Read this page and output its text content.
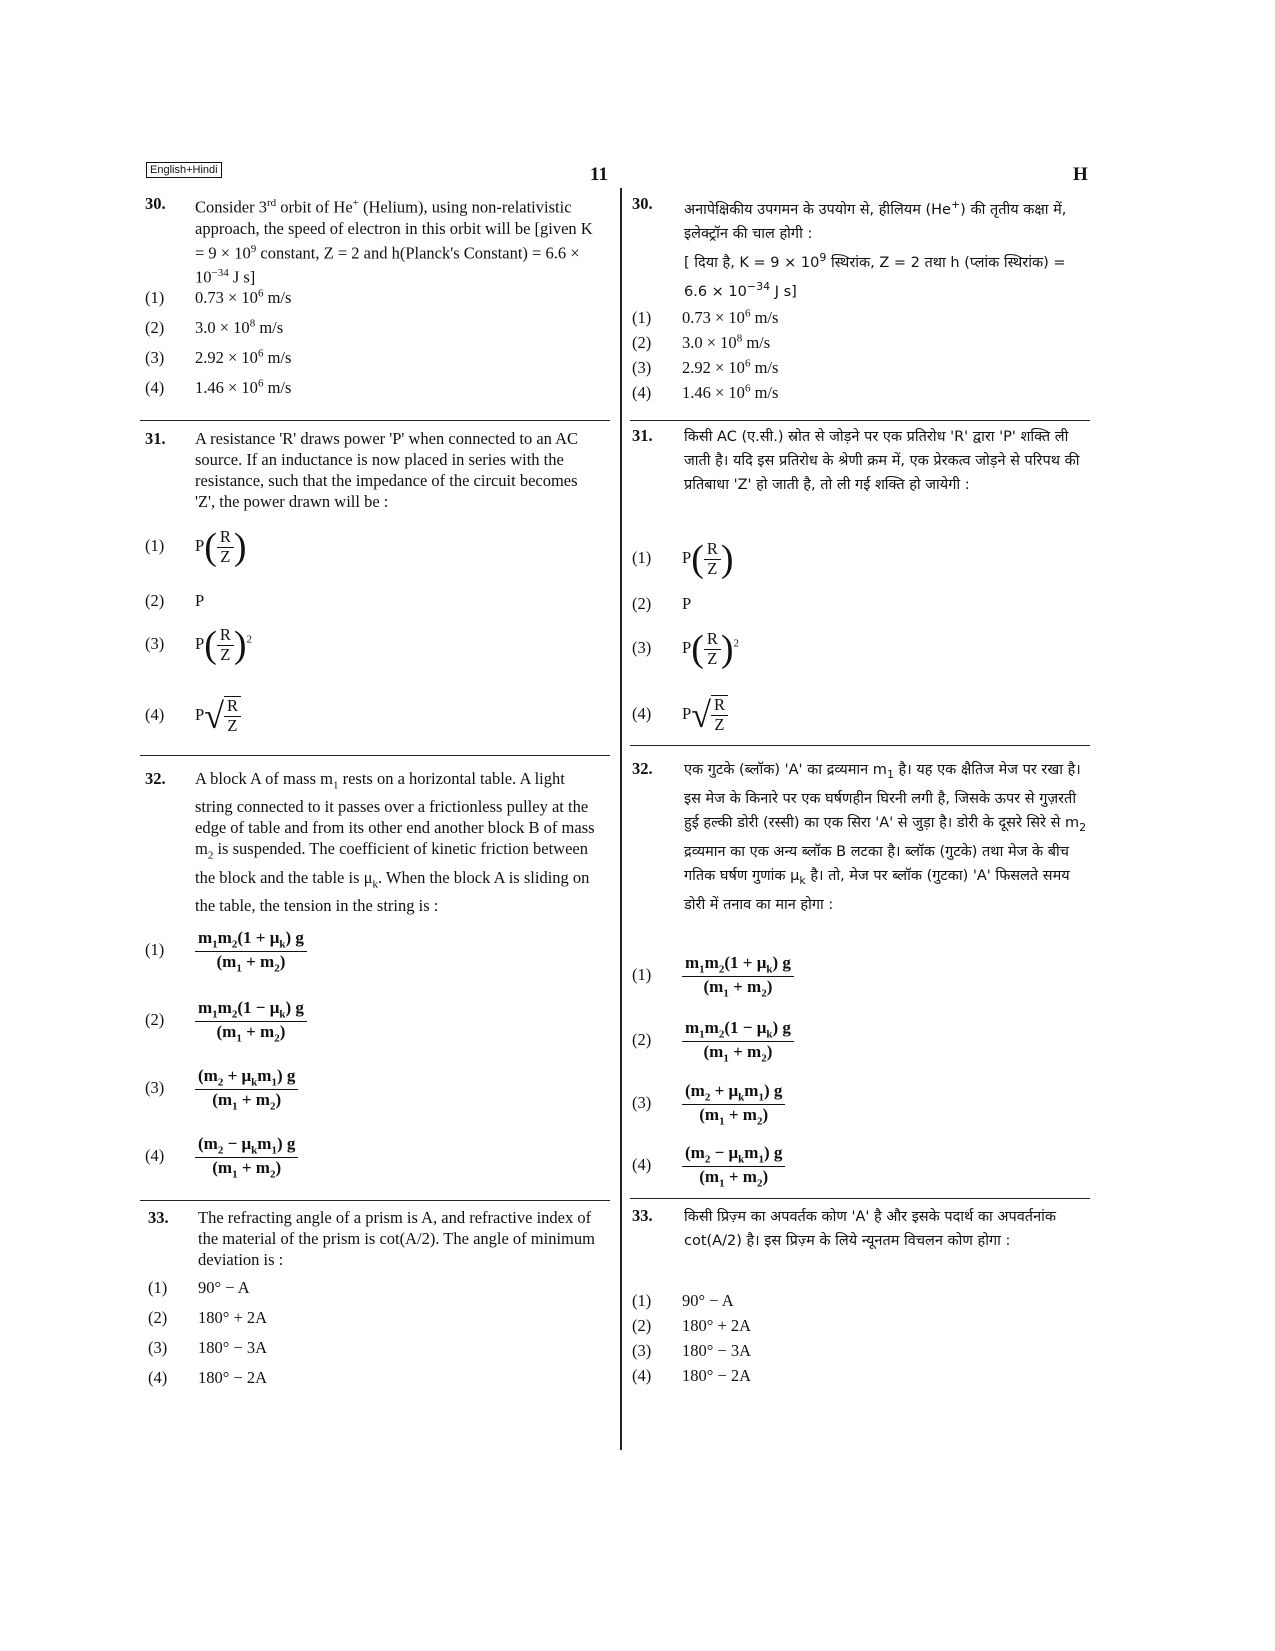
English+Hindi	11	H
30. Consider 3rd orbit of He+ (Helium), using non-relativistic approach, the speed of electron in this orbit will be [given $K = 9 \times 10^9$ constant, Z = 2 and h(Planck's Constant) = $6.6 \times 10^{-34}$ J s]
(1) $0.73 \times 10^6$ m/s
(2) $3.0 \times 10^8$ m/s
(3) $2.92 \times 10^6$ m/s
(4) $1.46 \times 10^6$ m/s
31. A resistance 'R' draws power 'P' when connected to an AC source. If an inductance is now placed in series with the resistance, such that the impedance of the circuit becomes 'Z', the power drawn will be :
(1) $P( \frac{R}{Z}$ )
(2) P
(3) $P( \frac{R}{Z} )^2$
(4) P √ $\frac{R}{Z}$
32. A block A of mass $m_1$ rests on a horizontal table. A light string connected to it passes over a frictionless pulley at the edge of table and from its other end another block B of mass $m_2$ is suspended. The coefficient of kinetic friction between the block and the table is $\mu_k$. When the block A is sliding on the table, the tension in the string is :
$(1) \frac{m_1m_2(1 + \mu_k) g}{(m_1 + m_2)}$
$(2) \frac{m_1m_2(1 - \mu_k) g}{(m_1 + m_2)}$
$(3) \frac{(m_2 + \mu_km_1) g}{(m_1 + m_2)}$
$(4) \frac{(m_2 - \mu_km_1) g}{(m_1 + m_2)}$
33. The refracting angle of a prism is A, and refractive index of the material of the prism is cot(A/2). The angle of minimum deviation is :
(1) 90° − A
(2) 180° + 2A
(3) 180° − 3A
(4) 180° − 2A
30. अनापेक्षिकीय उपगमन के उपयोग से, हीलियम (He+) की तृतीय कक्षा में, इलेक्ट्रॉन की चाल होगी :
[ दिया है, $K = 9 \times 10^9$ स्थिरांक, Z = 2 तथा h (प्लांक स्थिरांक) = $6.6 \times 10^{-34}$ J s]
(1) $0.73 \times 10^6$ m/s
(2) $3.0 \times 10^8$ m/s
(3) $2.92 \times 10^6$ m/s
(4) $1.46 \times 10^6$ m/s
31. किसी AC (ए.सी.) स्रोत से जोड़ने पर एक प्रतिरोध 'R' द्वारा 'P' शक्ति ली जाती है। यदि इस प्रतिरोध के श्रेणी क्रम में, एक प्रेरकत्व जोड़ने से परिपथ की प्रतिबाधा 'Z' हो जाती है, तो ली गई शक्ति हो जायेगी :
(1) $P( \frac{R}{Z}$ )
(2) P
(3) $P( \frac{R}{Z} )^2$
(4) P √ $\frac{R}{Z}$
32. एक गुटके (ब्लॉक) 'A' का द्रव्यमान $m_1$ है। यह एक क्षैतिज मेज पर रखा है। इस मेज के किनारे पर एक घर्षणहीन घिरनी लगी है, जिसके ऊपर से गुज़रती हुई हल्की डोरी (रस्सी) का एक सिरा 'A' से जुड़ा है। डोरी के दूसरे सिरे से $m_2$ द्रव्यमान का एक अन्य ब्लॉक B लटका है। ब्लॉक (गुटके) तथा मेज के बीच गतिक घर्षण गुणांक $\mu_k$ है। तो, मेज पर ब्लॉक (गुटका) 'A' फिसलते समय डोरी में तनाव का मान होगा :
$(1) \frac{m_1m_2(1 + \mu_k) g}{(m_1 + m_2)}$
$(2) \frac{m_1m_2(1 - \mu_k) g}{(m_1 + m_2)}$
$(3) \frac{(m_2 + \mu_km_1) g}{(m_1 + m_2)}$
$(4) \frac{(m_2 - \mu_km_1) g}{(m_1 + m_2)}$
33. किसी प्रिज़्म का अपवर्तक कोण 'A' है और इसके पदार्थ का अपवर्तनांक cot(A/2) है। इस प्रिज़्म के लिये न्यूनतम विचलन कोण होगा :
(1) 90° − A
(2) 180° + 2A
(3) 180° − 3A
(4) 180° − 2A
